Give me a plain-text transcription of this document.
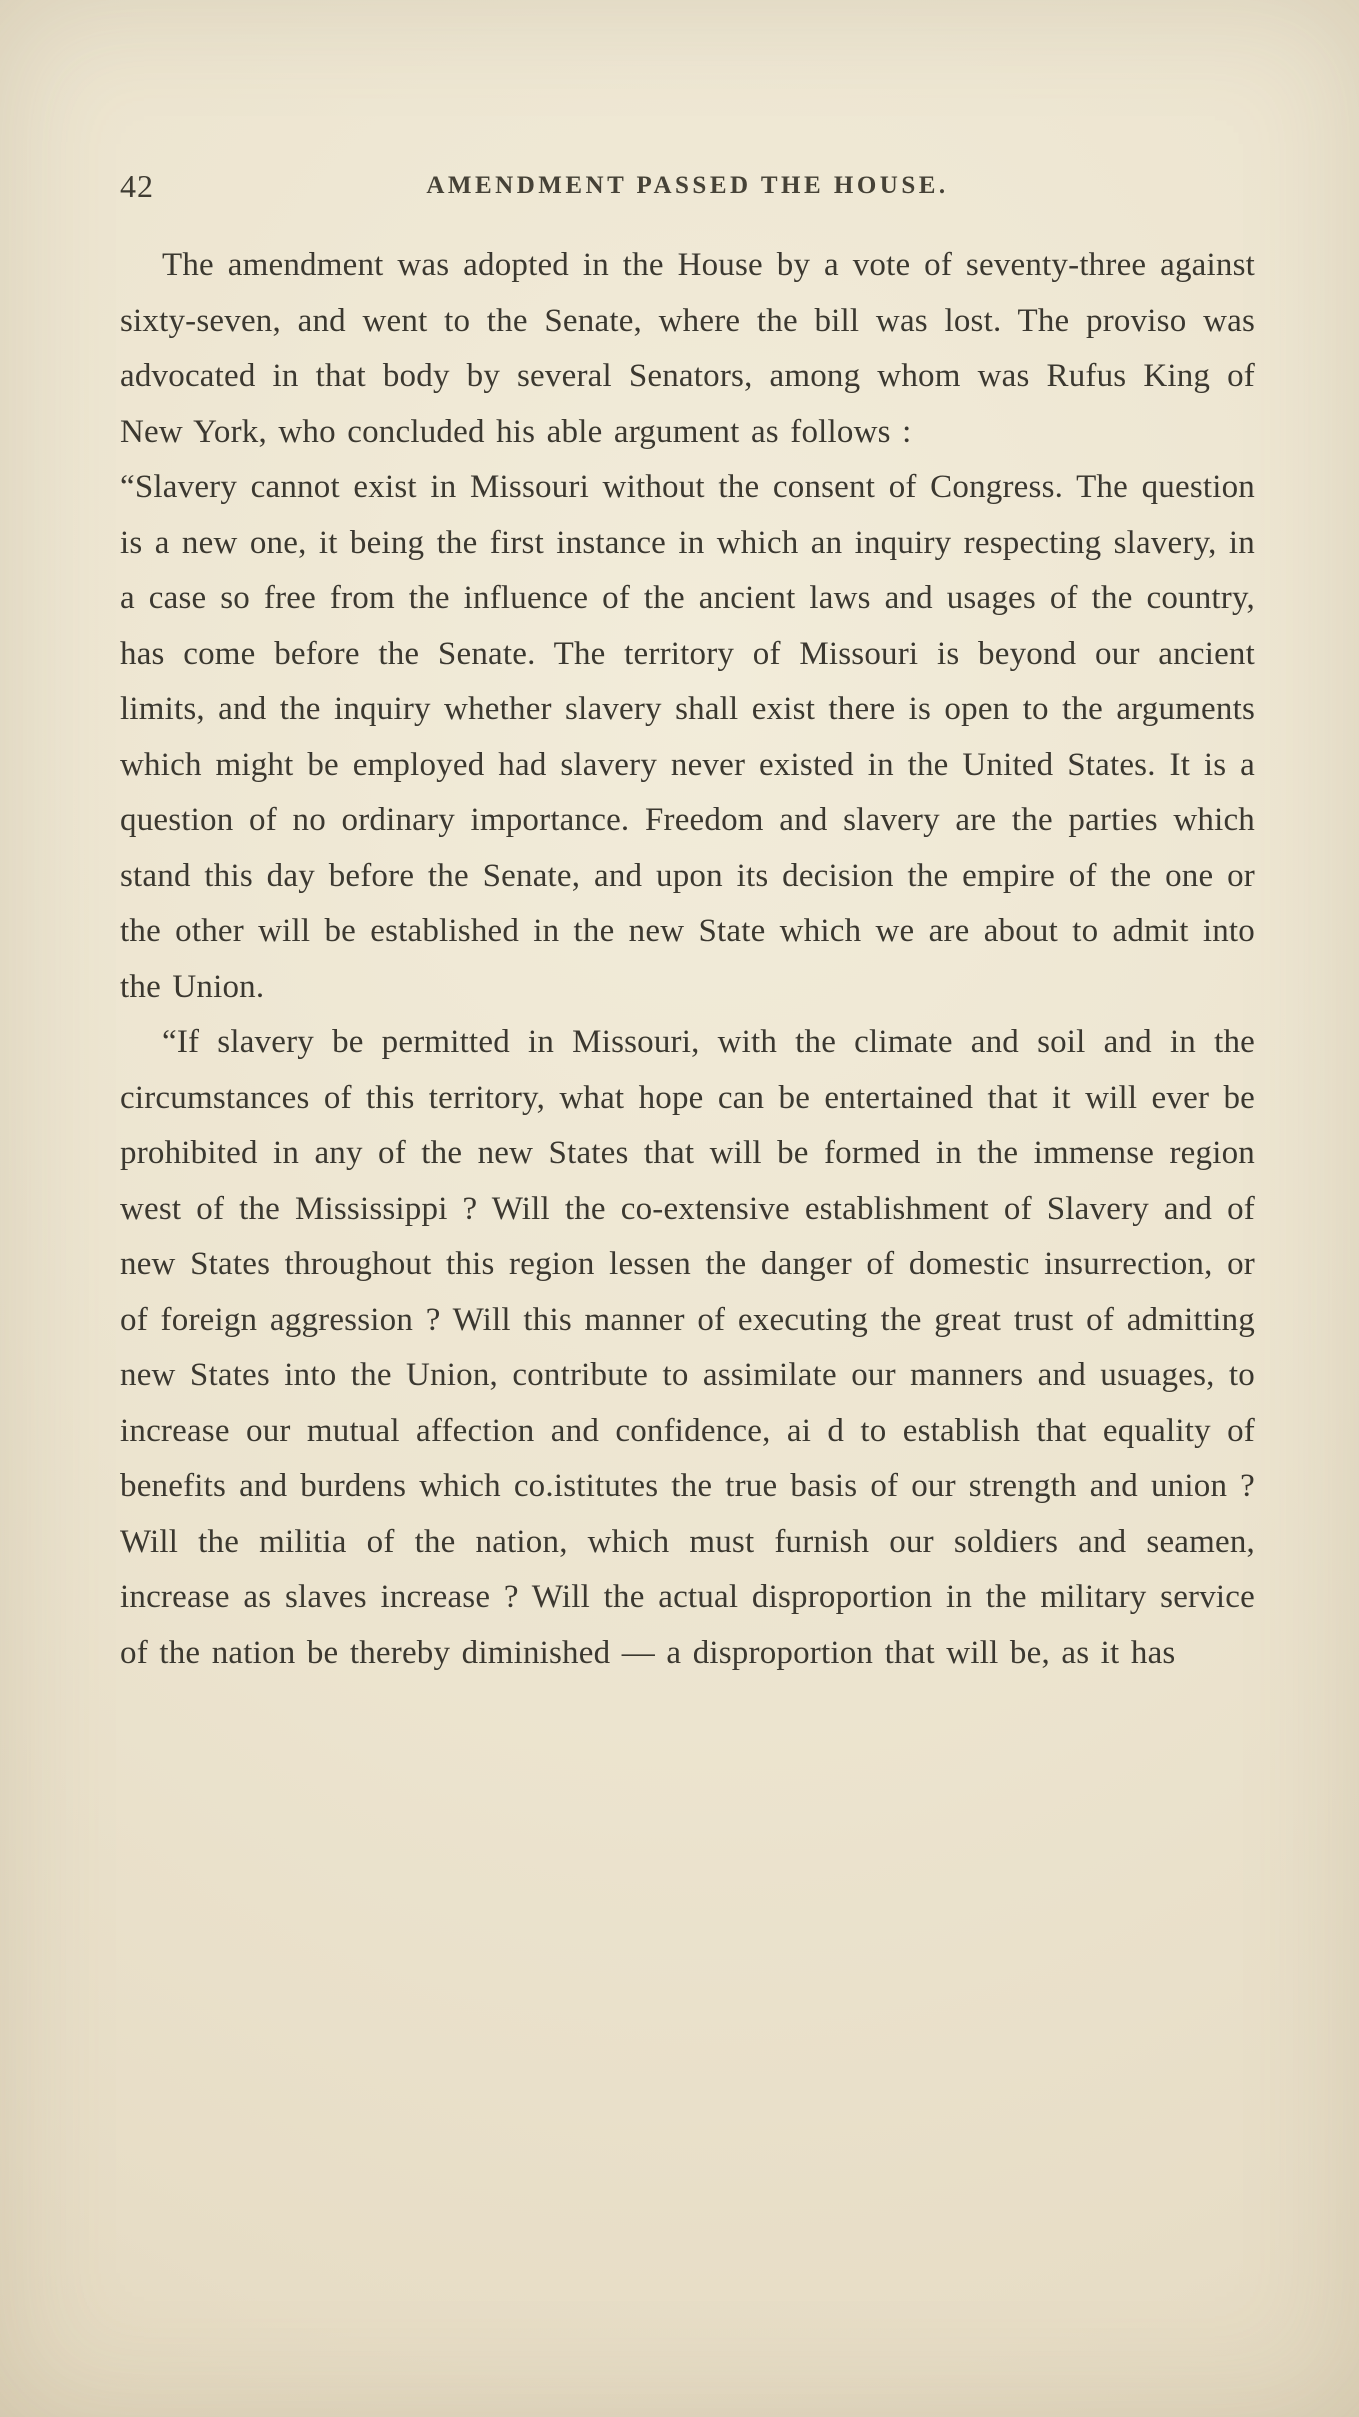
42	AMENDMENT PASSED THE HOUSE.

The amendment was adopted in the House by a vote of seventy-three against sixty-seven, and went to the Senate, where the bill was lost. The proviso was advocated in that body by several Senators, among whom was Rufus King of New York, who concluded his able argument as follows :

“Slavery cannot exist in Missouri without the consent of Congress. The question is a new one, it being the first instance in which an inquiry respecting slavery, in a case so free from the influence of the ancient laws and usages of the country, has come before the Senate. The territory of Missouri is beyond our ancient limits, and the inquiry whether slavery shall exist there is open to the arguments which might be employed had slavery never existed in the United States. It is a question of no ordinary importance. Freedom and slavery are the parties which stand this day before the Senate, and upon its decision the empire of the one or the other will be established in the new State which we are about to admit into the Union.

“If slavery be permitted in Missouri, with the climate and soil and in the circumstances of this territory, what hope can be entertained that it will ever be prohibited in any of the new States that will be formed in the immense region west of the Mississippi ? Will the co-extensive establishment of Slavery and of new States throughout this region lessen the danger of domestic insurrection, or of foreign aggression ? Will this manner of executing the great trust of admitting new States into the Union, contribute to assimilate our manners and usuages, to increase our mutual affection and confidence, ai d to establish that equality of benefits and burdens which co.istitutes the true basis of our strength and union ? Will the militia of the nation, which must furnish our soldiers and seamen, increase as slaves increase ? Will the actual disproportion in the military service of the nation be thereby diminished — a disproportion that will be, as it has
